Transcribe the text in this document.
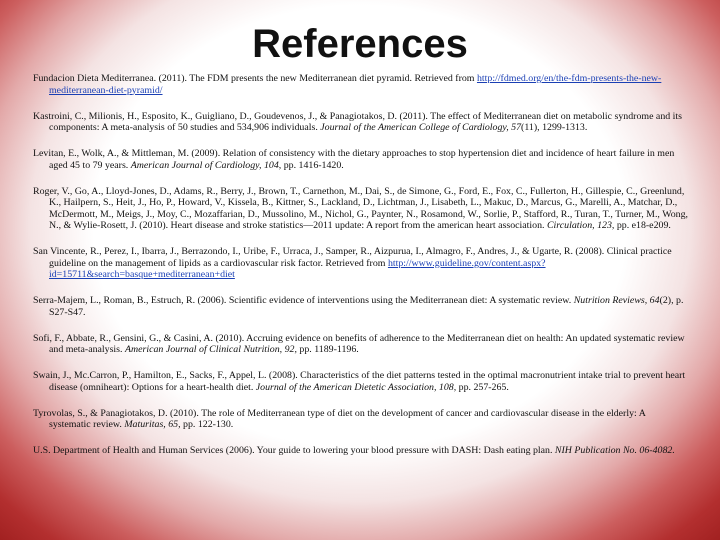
References
Fundacion Dieta Mediterranea. (2011). The FDM presents the new Mediterranean diet pyramid. Retrieved from http://fdmed.org/en/the-fdm-presents-the-new-mediterranean-diet-pyramid/
Kastroini, C., Milionis, H., Esposito, K., Guigliano, D., Goudevenos, J., & Panagiotakos, D. (2011). The effect of Mediterranean diet on metabolic syndrome and its components: A meta-analysis of 50 studies and 534,906 individuals. Journal of the American College of Cardiology, 57(11), 1299-1313.
Levitan, E., Wolk, A., & Mittleman, M. (2009). Relation of consistency with the dietary approaches to stop hypertension diet and incidence of heart failure in men aged 45 to 79 years. American Journal of Cardiology, 104, pp. 1416-1420.
Roger, V., Go, A., Lloyd-Jones, D., Adams, R., Berry, J., Brown, T., Carnethon, M., Dai, S., de Simone, G., Ford, E., Fox, C., Fullerton, H., Gillespie, C., Greenlund, K., Hailpern, S., Heit, J., Ho, P., Howard, V., Kissela, B., Kittner, S., Lackland, D., Lichtman, J., Lisabeth, L., Makuc, D., Marcus, G., Marelli, A., Matchar, D., McDermott, M., Meigs, J., Moy, C., Mozaffarian, D., Mussolino, M., Nichol, G., Paynter, N., Rosamond, W., Sorlie, P., Stafford, R., Turan, T., Turner, M., Wong, N., & Wylie-Rosett, J. (2010). Heart disease and stroke statistics—2011 update: A report from the american heart association. Circulation, 123, pp. e18-e209.
San Vincente, R., Perez, I., Ibarra, J., Berrazondo, I., Uribe, F., Urraca, J., Samper, R., Aizpurua, I., Almagro, F., Andres, J., & Ugarte, R. (2008). Clinical practice guideline on the management of lipids as a cardiovascular risk factor. Retrieved from http://www.guideline.gov/content.aspx?id=15711&search=basque+mediterranean+diet
Serra-Majem, L., Roman, B., Estruch, R. (2006). Scientific evidence of interventions using the Mediterranean diet: A systematic review. Nutrition Reviews, 64(2), p. S27-S47.
Sofi, F., Abbate, R., Gensini, G., & Casini, A. (2010). Accruing evidence on benefits of adherence to the Mediterranean diet on health: An updated systematic review and meta-analysis. American Journal of Clinical Nutrition, 92, pp. 1189-1196.
Swain, J., Mc.Carron, P., Hamilton, E., Sacks, F., Appel, L. (2008). Characteristics of the diet patterns tested in the optimal macronutrient intake trial to prevent heart disease (omniheart): Options for a heart-health diet. Journal of the American Dietetic Association, 108, pp. 257-265.
Tyrovolas, S., & Panagiotakos, D. (2010). The role of Mediterranean type of diet on the development of cancer and cardiovascular disease in the elderly: A systematic review. Maturitas, 65, pp. 122-130.
U.S. Department of Health and Human Services (2006). Your guide to lowering your blood pressure with DASH: Dash eating plan. NIH Publication No. 06-4082.
